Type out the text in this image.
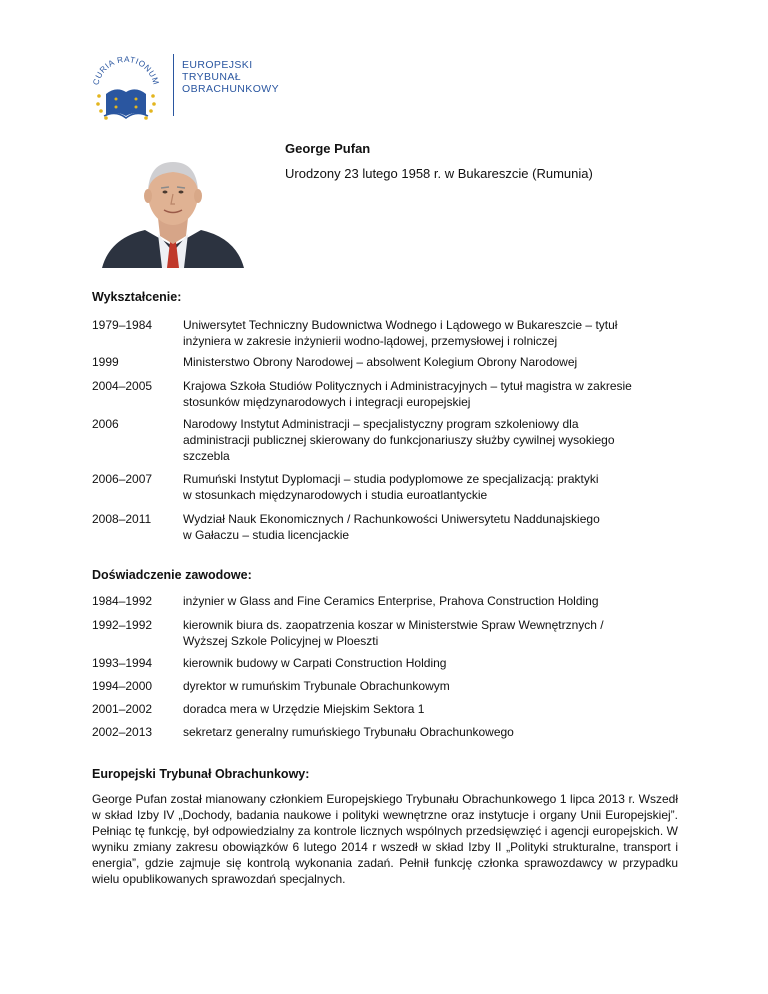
CURIA RATIONUM
EUROPEJSKI
TRYBUNAŁ
OBRACHUNKOWY
George Pufan
Urodzony 23 lutego 1958 r. w Bukareszcie (Rumunia)
Wykształcenie:
1979–1984	Uniwersytet Techniczny Budownictwa Wodnego i Lądowego w Bukareszcie – tytuł
inżyniera w zakresie inżynierii wodno-lądowej, przemysłowej i rolniczej
1999	Ministerstwo Obrony Narodowej – absolwent Kolegium Obrony Narodowej
2004–2005	Krajowa Szkoła Studiów Politycznych i Administracyjnych – tytuł magistra w zakresie
stosunków międzynarodowych i integracji europejskiej
2006	Narodowy Instytut Administracji – specjalistyczny program szkoleniowy dla
administracji publicznej skierowany do funkcjonariuszy służby cywilnej wysokiego
szczebla
2006–2007	Rumuński Instytut Dyplomacji – studia podyplomowe ze specjalizacją: praktyki
w stosunkach międzynarodowych i studia euroatlantyckie
2008–2011	Wydział Nauk Ekonomicznych / Rachunkowości Uniwersytetu Naddunajskiego
w Gałaczu – studia licencjackie
Doświadczenie zawodowe:
1984–1992	inżynier w Glass and Fine Ceramics Enterprise, Prahova Construction Holding
1992–1992	kierownik biura ds. zaopatrzenia koszar w Ministerstwie Spraw Wewnętrznych /
Wyższej Szkole Policyjnej w Ploeszti
1993–1994	kierownik budowy w Carpati Construction Holding
1994–2000	dyrektor w rumuńskim Trybunale Obrachunkowym
2001–2002	doradca mera w Urzędzie Miejskim Sektora 1
2002–2013	sekretarz generalny rumuńskiego Trybunału Obrachunkowego
Europejski Trybunał Obrachunkowy:
George Pufan został mianowany członkiem Europejskiego Trybunału Obrachunkowego 1 lipca 2013 r. Wszedł w skład Izby IV „Dochody, badania naukowe i polityki wewnętrzne oraz instytucje i organy Unii Europejskiej”. Pełniąc tę funkcję, był odpowiedzialny za kontrole licznych wspólnych przedsięwzięć i agencji europejskich. W wyniku zmiany zakresu obowiązków 6 lutego 2014 r wszedł w skład Izby II „Polityki strukturalne, transport i energia”, gdzie zajmuje się kontrolą wykonania zadań. Pełnił funkcję członka sprawozdawcy w przypadku wielu opublikowanych sprawozdań specjalnych.
